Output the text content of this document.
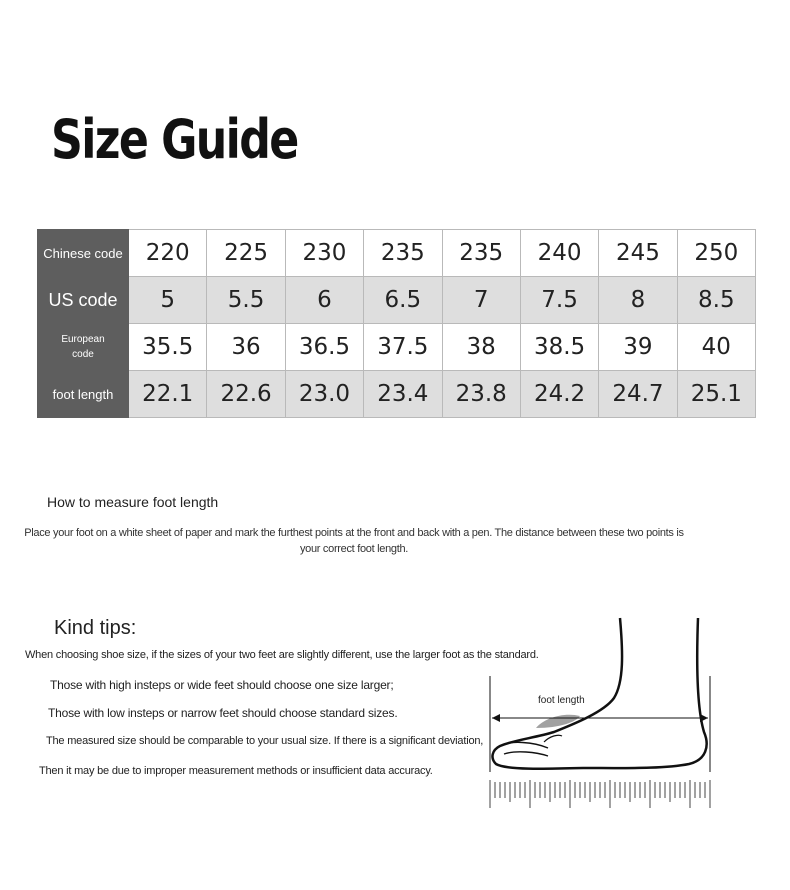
Size Guide
Chinese code	220	225	230	235	235	240	245	250
US code	5	5.5	6	6.5	7	7.5	8	8.5

European
code	35.5	36	36.5	37.5	38	38.5	39	40
foot length	22.1	22.6	23.0	23.4	23.8	24.2	24.7	25.1
How to measure foot length
Place your foot on a white sheet of paper and mark the furthest points at the front and back with a pen. The distance between these two points is your correct foot length.
Kind tips:
When choosing shoe size, if the sizes of your two feet are slightly different, use the larger foot as the standard.
Those with high insteps or wide feet should choose one size larger;
Those with low insteps or narrow feet should choose standard sizes.
The measured size should be comparable to your usual size. If there is a significant deviation,
Then it may be due to improper measurement methods or insufficient data accuracy.
foot length
